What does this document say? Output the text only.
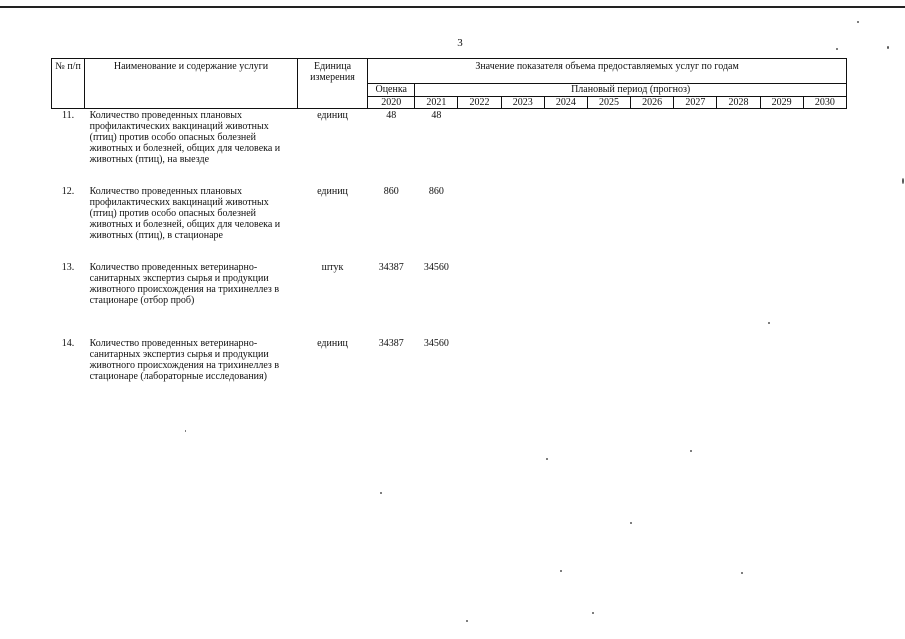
3
№ п/п	Наименование и содержание услуги	Единица измерения	Значение показателя объема предоставляемых услуг по годам										
			Оценка	Плановый период (прогноз)									
			2020	2021	2022	2023	2024	2025	2026	2027	2028	2029	2030
11.	Количество проведенных плановых профилактических вакцинаций животных (птиц) против особо опасных болезней животных и болезней, общих для человека и животных (птиц), на выезде	единиц	48	48									
12.	Количество проведенных плановых профилактических вакцинаций животных (птиц) против особо опасных болезней животных и болезней, общих для человека и животных (птиц), в стационаре	единиц	860	860									
13.	Количество проведенных ветеринарно-санитарных экспертиз сырья и продукции животного происхождения на трихинеллез в стационаре (отбор проб)	штук	34387	34560									
14.	Количество проведенных ветеринарно-санитарных экспертиз сырья и продукции животного происхождения на трихинеллез в стационаре (лабораторные исследования)	единиц	34387	34560									
